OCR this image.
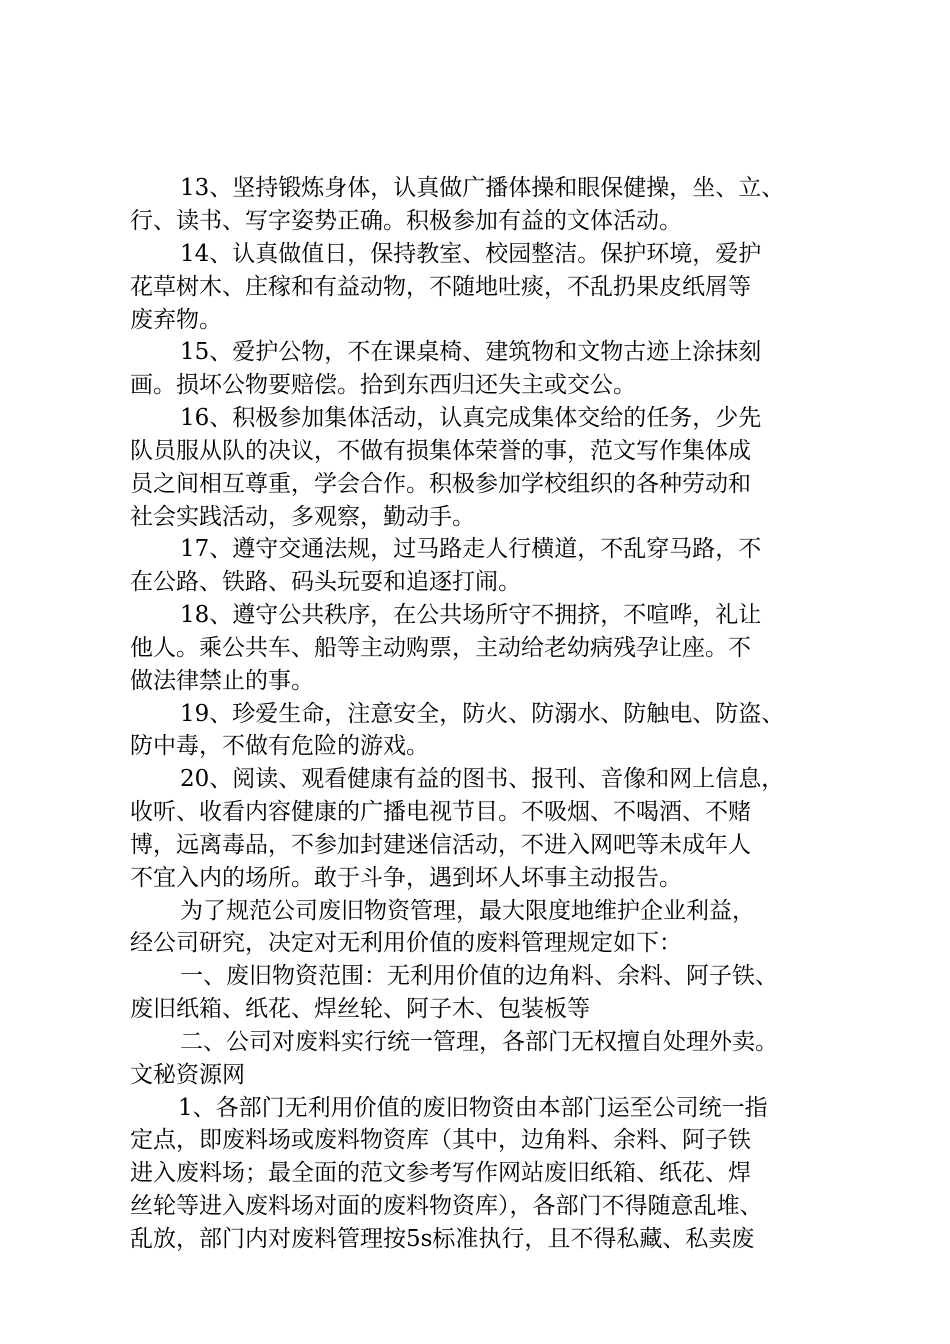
13、坚持锻炼身体，认真做广播体操和眼保健操，坐、立、
行、读书、写字姿势正确。积极参加有益的文体活动。
14、认真做值日，保持教室、校园整洁。保护环境，爱护
花草树木、庄稼和有益动物，不随地吐痰，不乱扔果皮纸屑等
废弃物。
15、爱护公物，不在课桌椅、建筑物和文物古迹上涂抹刻
画。损坏公物要赔偿。拾到东西归还失主或交公。
16、积极参加集体活动，认真完成集体交给的任务，少先
队员服从队的决议，不做有损集体荣誉的事，范文写作集体成
员之间相互尊重，学会合作。积极参加学校组织的各种劳动和
社会实践活动，多观察，勤动手。
17、遵守交通法规，过马路走人行横道，不乱穿马路，不
在公路、铁路、码头玩耍和追逐打闹。
18、遵守公共秩序，在公共场所守不拥挤，不喧哗，礼让
他人。乘公共车、船等主动购票，主动给老幼病残孕让座。不
做法律禁止的事。
19、珍爱生命，注意安全，防火、防溺水、防触电、防盗、
防中毒，不做有危险的游戏。
20、阅读、观看健康有益的图书、报刊、音像和网上信息，
收听、收看内容健康的广播电视节目。不吸烟、不喝酒、不赌
博，远离毒品，不参加封建迷信活动，不进入网吧等未成年人
不宜入内的场所。敢于斗争，遇到坏人坏事主动报告。
为了规范公司废旧物资管理，最大限度地维护企业利益，
经公司研究，决定对无利用价值的废料管理规定如下：
一、废旧物资范围：无利用价值的边角料、余料、阿子铁、
废旧纸箱、纸花、焊丝轮、阿子木、包装板等
二、公司对废料实行统一管理，各部门无权擅自处理外卖。
文秘资源网
1、各部门无利用价值的废旧物资由本部门运至公司统一指
定点，即废料场或废料物资库（其中，边角料、余料、阿子铁
进入废料场；最全面的范文参考写作网站废旧纸箱、纸花、焊
丝轮等进入废料场对面的废料物资库），各部门不得随意乱堆、
乱放，部门内对废料管理按5s标准执行，且不得私藏、私卖废
